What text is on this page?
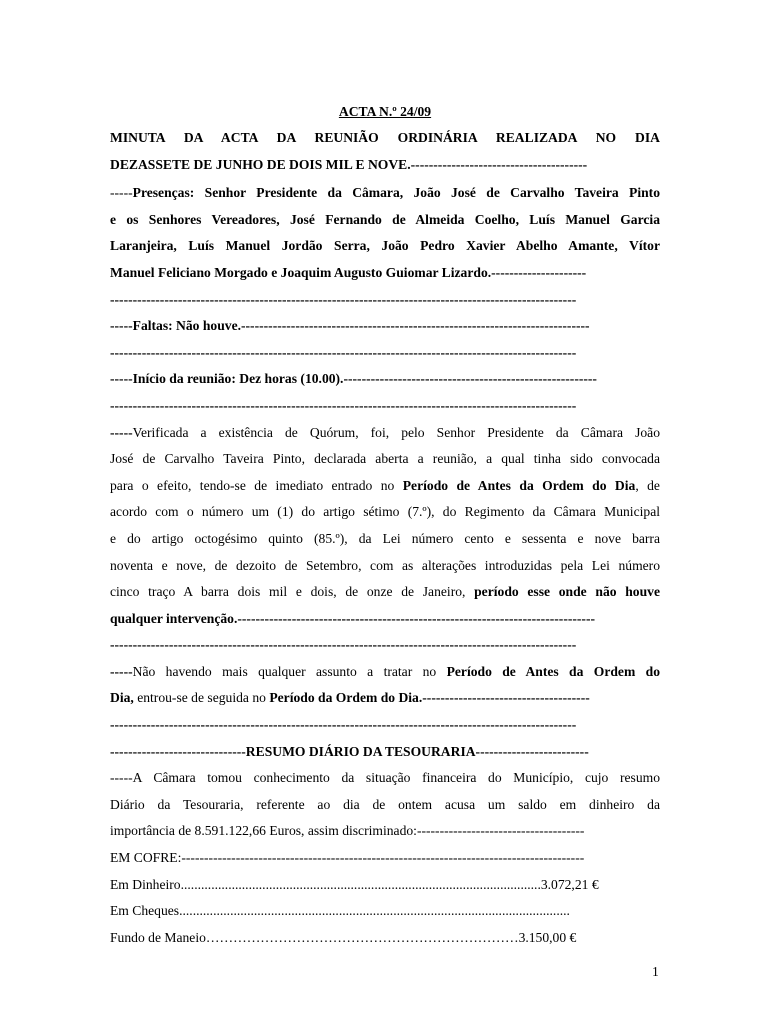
ACTA N.º 24/09
MINUTA DA ACTA DA REUNIÃO ORDINÁRIA REALIZADA NO DIA
DEZASSETE DE JUNHO DE DOIS MIL E NOVE.---------------------------------------
-----Presenças: Senhor Presidente da Câmara, João José de Carvalho Taveira Pinto
e os Senhores Vereadores, José Fernando de Almeida Coelho, Luís Manuel Garcia
Laranjeira, Luís Manuel Jordão Serra, João Pedro Xavier Abelho Amante, Vítor
Manuel Feliciano Morgado e Joaquim Augusto Guiomar Lizardo.---------------------
-------------------------------------------------------------------------------------------------------
-----Faltas: Não houve.-----------------------------------------------------------------------------
-------------------------------------------------------------------------------------------------------
-----Início da reunião: Dez horas (10.00).--------------------------------------------------------
-------------------------------------------------------------------------------------------------------
-----Verificada a existência de Quórum, foi, pelo Senhor Presidente da Câmara João
José de Carvalho Taveira Pinto, declarada aberta a reunião, a qual tinha sido convocada
para o efeito, tendo-se de imediato entrado no Período de Antes da Ordem do Dia, de
acordo com o número um (1) do artigo sétimo (7.º), do Regimento da Câmara Municipal
e do artigo octogésimo quinto (85.º), da Lei número cento e sessenta e nove barra
noventa e nove, de dezoito de Setembro, com as alterações introduzidas pela Lei número
cinco traço A barra dois mil e dois, de onze de Janeiro, período esse onde não houve
qualquer intervenção.-------------------------------------------------------------------------------
-------------------------------------------------------------------------------------------------------
-----Não havendo mais qualquer assunto a tratar no Período de Antes da Ordem do
Dia, entrou-se de seguida no Período da Ordem do Dia.-------------------------------------
-------------------------------------------------------------------------------------------------------
------------------------------RESUMO DIÁRIO DA TESOURARIA-------------------------
-----A Câmara tomou conhecimento da situação financeira do Município, cujo resumo
Diário da Tesouraria, referente ao dia de ontem acusa um saldo em dinheiro da
importância de 8.591.122,66 Euros, assim discriminado:-------------------------------------
EM COFRE:-----------------------------------------------------------------------------------------
Em Dinheiro..........................................................................................................3.072,21 €
Em Cheques...................................................................................................................
Fundo de Maneio……………………………………………………………3.150,00 €
1
